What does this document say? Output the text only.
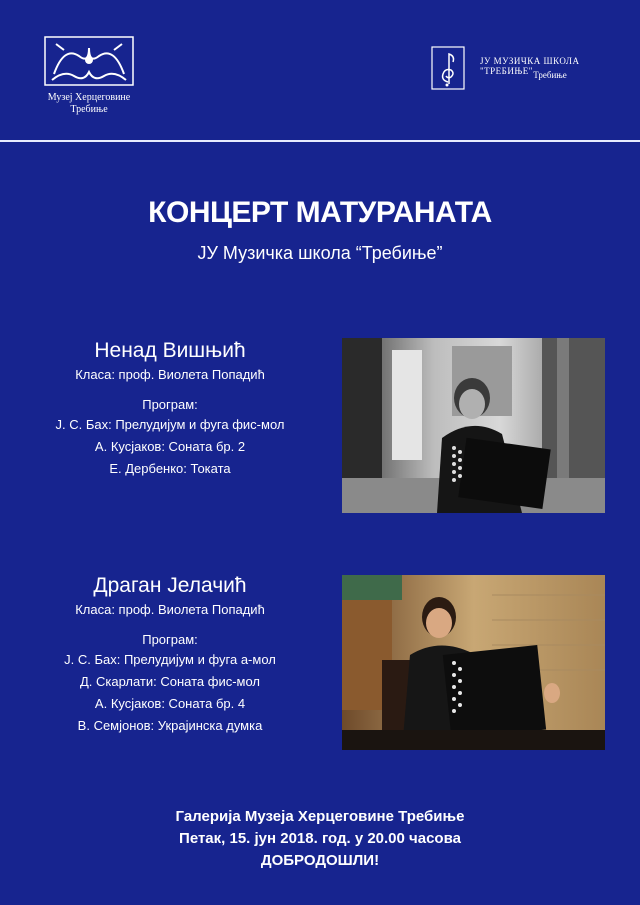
Музеј Херцеговине
Требиње
ЈУ МУЗИЧКА ШКОЛА "ТРЕБИЊЕ" Требиње
КОНЦЕРТ МАТУРАНАТА
ЈУ Музичка школа “Требиње”
Ненад Вишњић
Класа: проф. Виолета Попадић
Програм:
Ј. С. Бах: Прелудијум и фуга фис-мол
А. Кусјаков: Соната бр. 2
Е. Дербенко: Токата
Драган Јелачић
Класа: проф. Виолета Попадић
Програм:
Ј. С. Бах: Прелудијум и фуга а-мол
Д. Скарлати: Соната фис-мол
А. Кусјаков: Соната бр. 4
В. Семјонов: Украјинска думка
Галерија Музеја Херцеговине Требиње
Петак, 15. јун 2018. год. у 20.00 часова
ДОБРОДОШЛИ!
